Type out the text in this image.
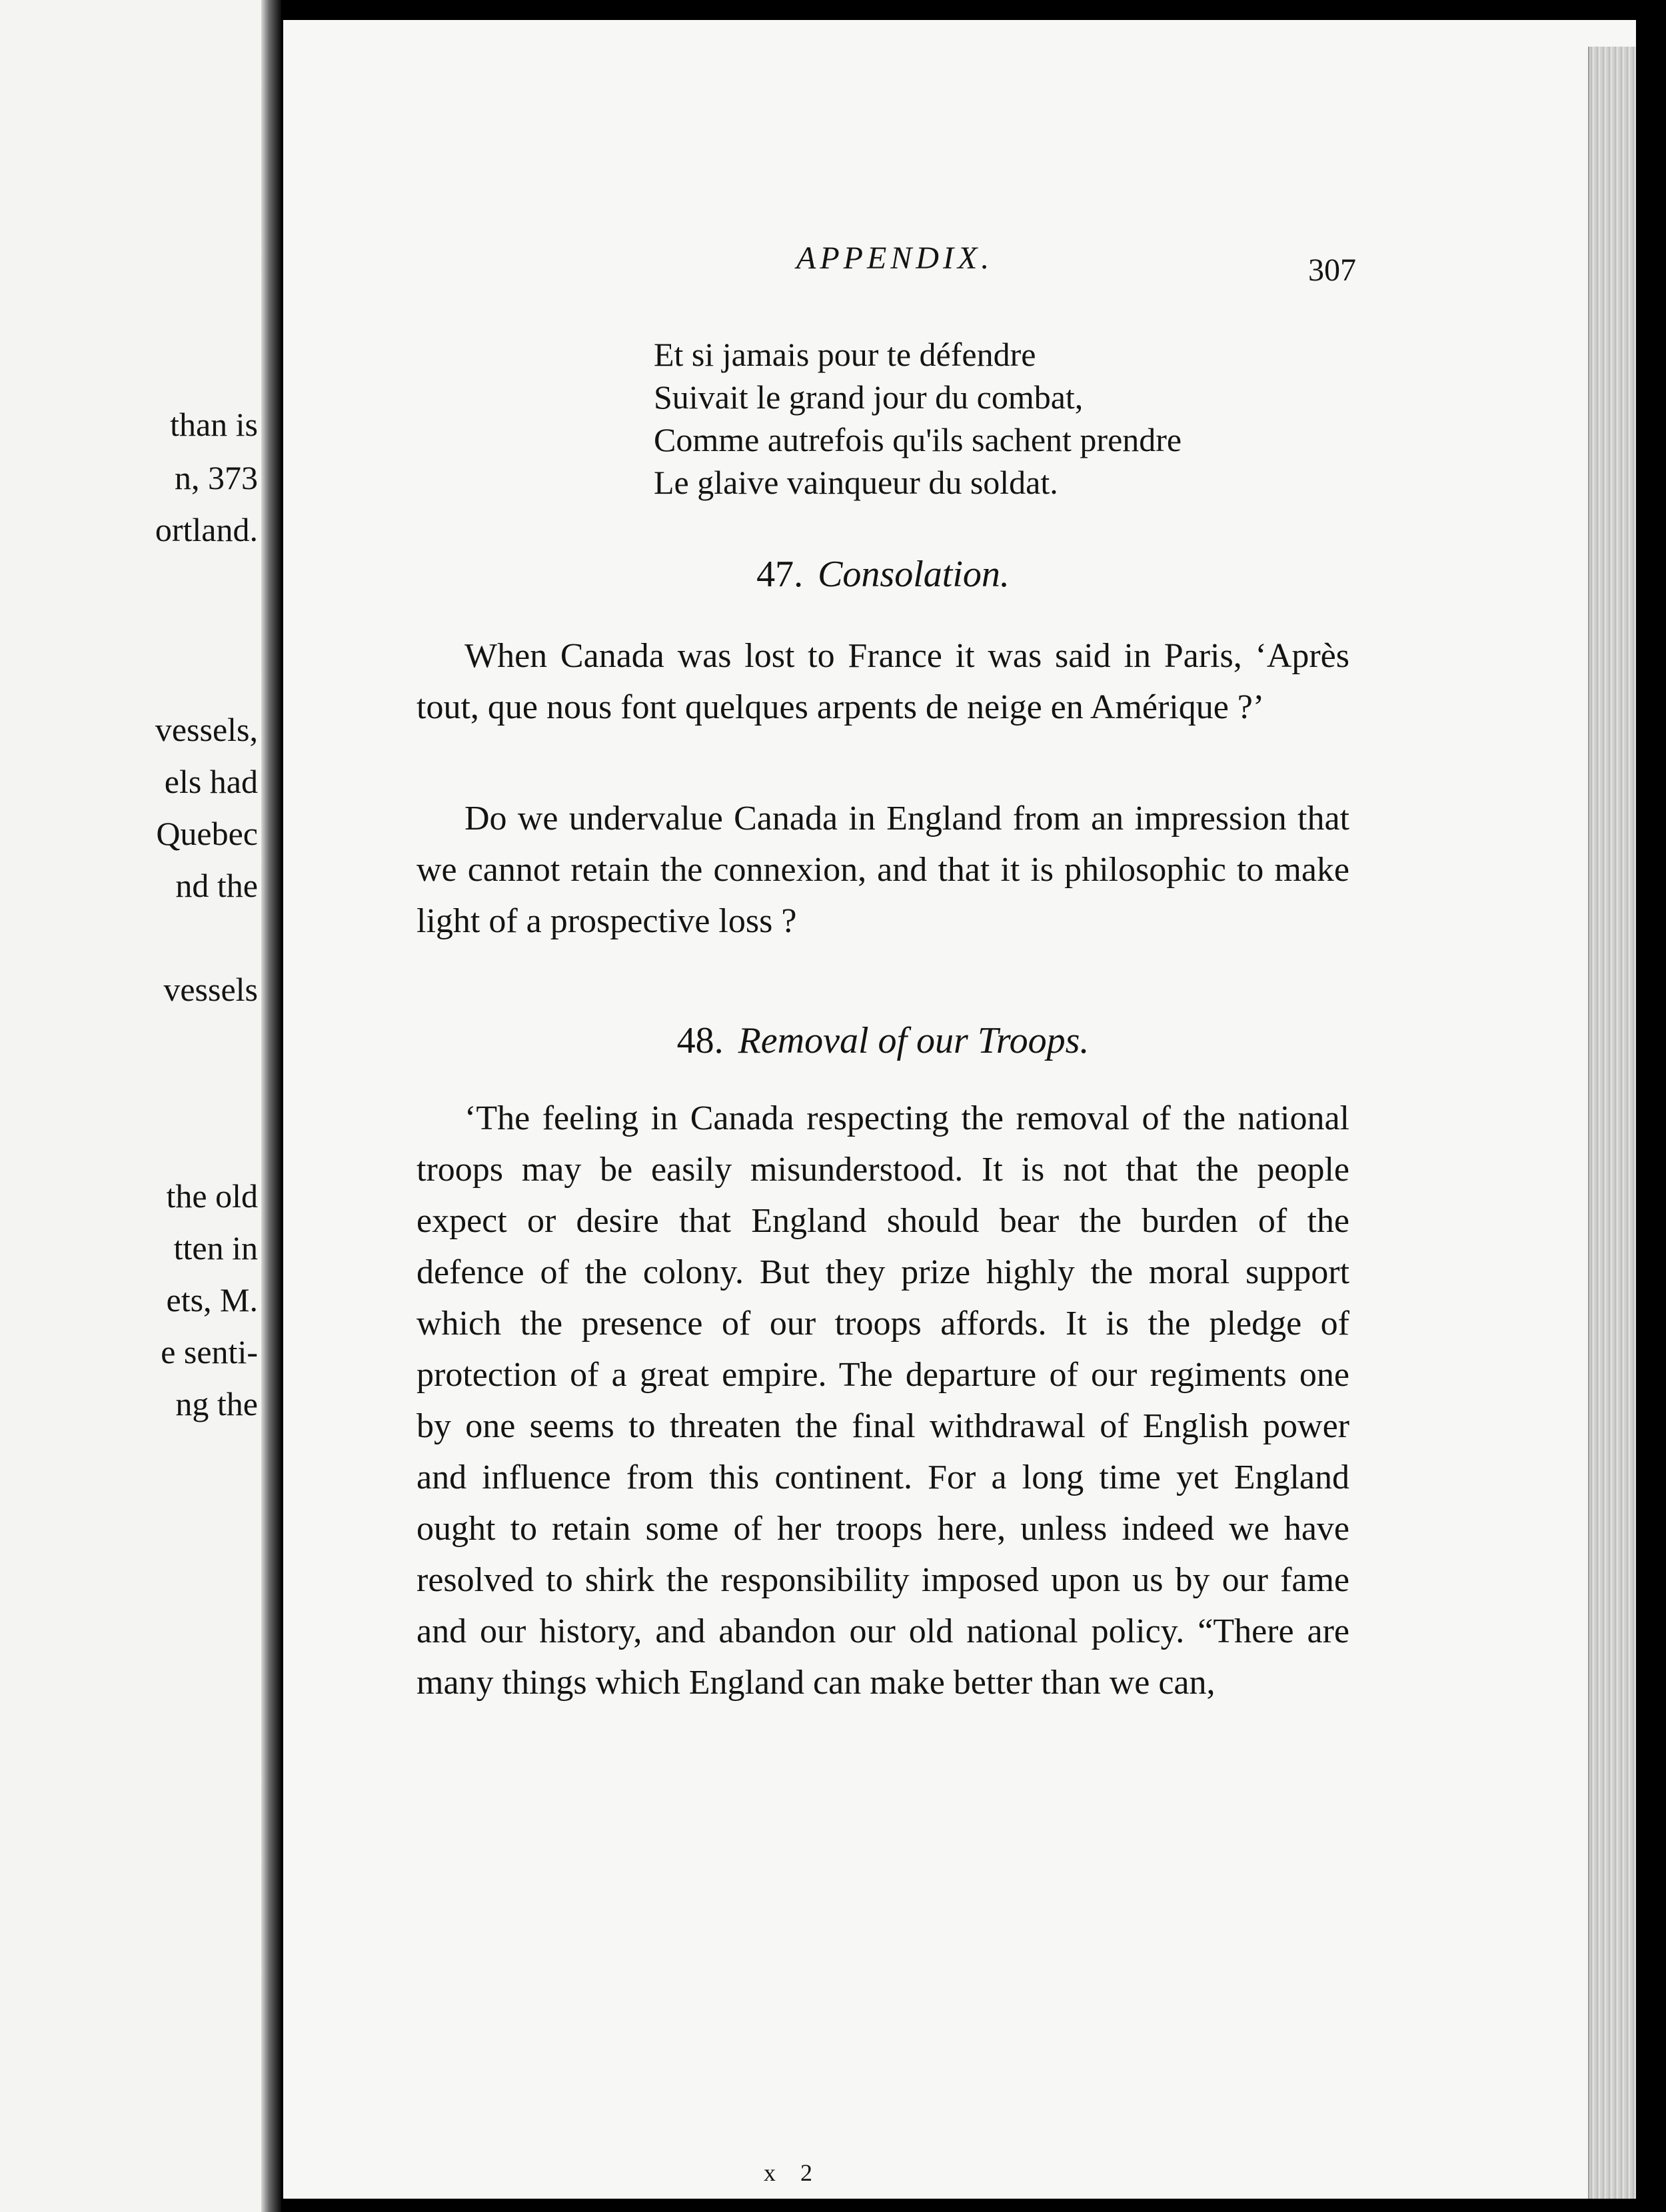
than is

n, 373

ortland.

vessels,

els had

Quebec

nd the

vessels

the old

tten in

ets, M.

e senti-

ng the

APPENDIX.	307

Et si jamais pour te défendre
Suivait le grand jour du combat,
Comme autrefois qu'ils sachent prendre
Le glaive vainqueur du soldat.
47. Consolation.

When Canada was lost to France it was said in Paris, ‘Après tout, que nous font quelques arpents de neige en Amérique ?’

Do we undervalue Canada in England from an impression that we cannot retain the connexion, and that it is philosophic to make light of a prospective loss ?

48. Removal of our Troops.

‘The feeling in Canada respecting the removal of the national troops may be easily misunderstood. It is not that the people expect or desire that England should bear the burden of the defence of the colony. But they prize highly the moral support which the presence of our troops affords. It is the pledge of protection of a great empire. The departure of our regiments one by one seems to threaten the final withdrawal of English power and influence from this continent. For a long time yet England ought to retain some of her troops here, unless indeed we have resolved to shirk the responsibility imposed upon us by our fame and our history, and abandon our old national policy. “There are many things which England can make better than we can,

x 2
